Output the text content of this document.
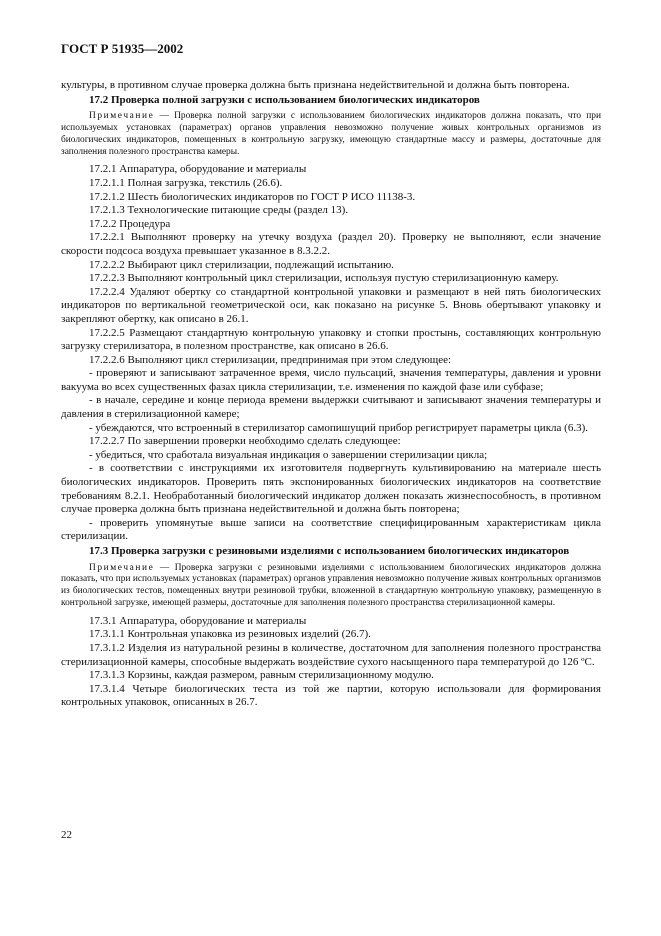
ГОСТ Р 51935—2002

культуры, в противном случае проверка должна быть признана недействительной и должна быть повторена.

17.2 Проверка полной загрузки с использованием биологических индикаторов

Примечание — Проверка полной загрузки с использованием биологических индикаторов должна показать, что при используемых установках (параметрах) органов управления невозможно получение живых контрольных организмов из биологических индикаторов, помещенных в контрольную загрузку, имеющую стандартные массу и размеры, достаточные для заполнения полезного пространства камеры.

17.2.1 Аппаратура, оборудование и материалы

17.2.1.1 Полная загрузка, текстиль (26.6).

17.2.1.2 Шесть биологических индикаторов по ГОСТ Р ИСО 11138-3.

17.2.1.3 Технологические питающие среды (раздел 13).

17.2.2 Процедура

17.2.2.1 Выполняют проверку на утечку воздуха (раздел 20). Проверку не выполняют, если значение скорости подсоса воздуха превышает указанное в 8.3.2.2.

17.2.2.2 Выбирают цикл стерилизации, подлежащий испытанию.

17.2.2.3 Выполняют контрольный цикл стерилизации, используя пустую стерилизационную камеру.

17.2.2.4 Удаляют обертку со стандартной контрольной упаковки и размещают в ней пять биологических индикаторов по вертикальной геометрической оси, как показано на рисунке 5. Вновь обертывают упаковку и закрепляют обертку, как описано в 26.1.

17.2.2.5 Размещают стандартную контрольную упаковку и стопки простынь, составляющих контрольную загрузку стерилизатора, в полезном пространстве, как описано в 26.6.

17.2.2.6 Выполняют цикл стерилизации, предпринимая при этом следующее:

- проверяют и записывают затраченное время, число пульсаций, значения температуры, давления и уровни вакуума во всех существенных фазах цикла стерилизации, т.е. изменения по каждой фазе или субфазе;

- в начале, середине и конце периода времени выдержки считывают и записывают значения температуры и давления в стерилизационной камере;

- убеждаются, что встроенный в стерилизатор самопишущий прибор регистрирует параметры цикла (6.3).

17.2.2.7 По завершении проверки необходимо сделать следующее:

- убедиться, что сработала визуальная индикация о завершении стерилизации цикла;

- в соответствии с инструкциями их изготовителя подвергнуть культивированию на материале шесть биологических индикаторов. Проверить пять экспонированных биологических индикаторов на соответствие требованиям 8.2.1. Необработанный биологический индикатор должен показать жизнеспособность, в противном случае проверка должна быть признана недействительной и должна быть повторена;

- проверить упомянутые выше записи на соответствие специфицированным характеристикам цикла стерилизации.

17.3 Проверка загрузки с резиновыми изделиями с использованием биологических индикаторов

Примечание — Проверка загрузки с резиновыми изделиями с использованием биологических индикаторов должна показать, что при используемых установках (параметрах) органов управления невозможно получение живых контрольных организмов из биологических тестов, помещенных внутри резиновой трубки, вложенной в стандартную контрольную упаковку, размещенную в контрольной загрузке, имеющей размеры, достаточные для заполнения полезного пространства стерилизационной камеры.

17.3.1 Аппаратура, оборудование и материалы

17.3.1.1 Контрольная упаковка из резиновых изделий (26.7).

17.3.1.2 Изделия из натуральной резины в количестве, достаточном для заполнения полезного пространства стерилизационной камеры, способные выдержать воздействие сухого насыщенного пара температурой до 126 ºС.

17.3.1.3 Корзины, каждая размером, равным стерилизационному модулю.

17.3.1.4 Четыре биологических теста из той же партии, которую использовали для формирования контрольных упаковок, описанных в 26.7.

22
